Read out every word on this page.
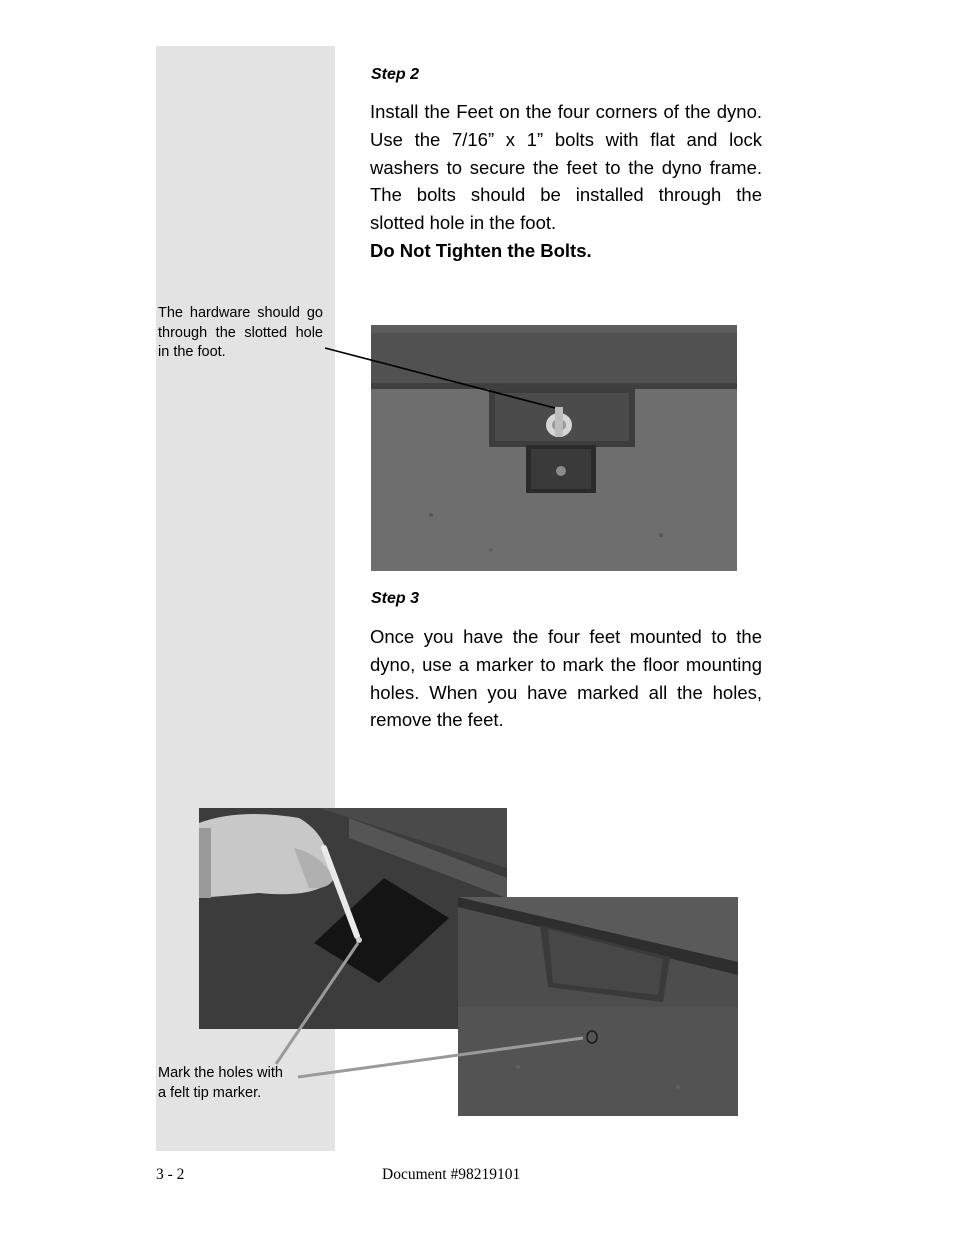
Step 2

Install the Feet on the four corners of the dyno. Use the 7/16” x 1” bolts with flat and lock washers to secure the feet to the dyno frame. The bolts should be installed through the slotted hole in the foot.

Do Not Tighten the Bolts.

The hardware should go through the slotted hole in the foot.

Step 3

Once you have the four feet mounted to the dyno, use a marker to mark the floor mounting holes. When you have marked all the holes, remove the feet.

Mark the holes with
a felt tip marker.

3 - 2	Document #98219101
